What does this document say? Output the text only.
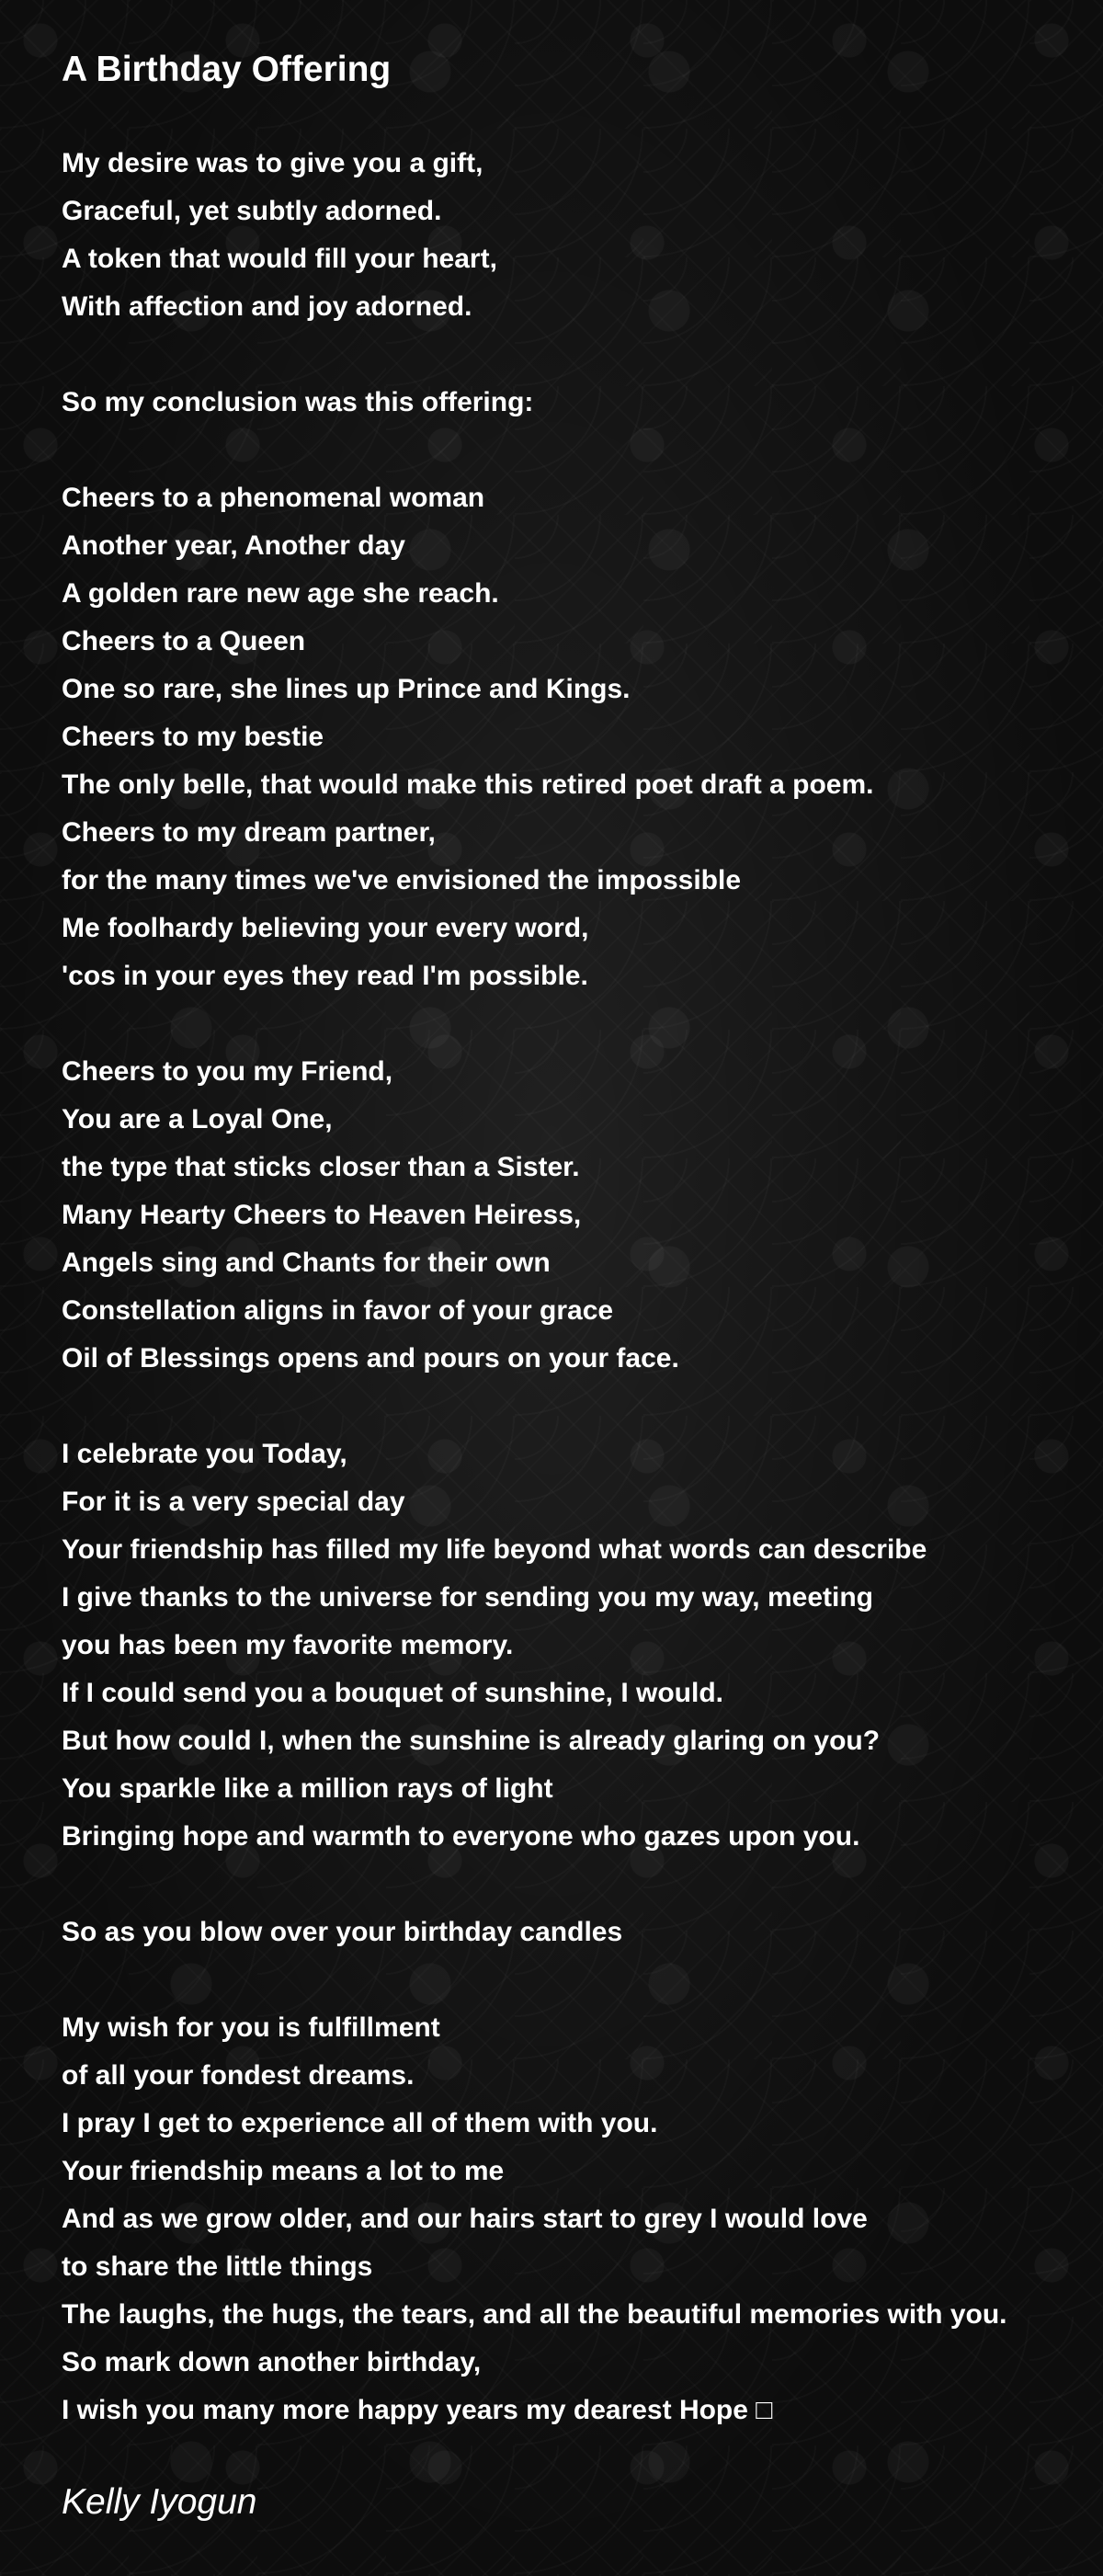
A Birthday Offering
My desire was to give you a gift,
Graceful, yet subtly adorned.
A token that would fill your heart,
With affection and joy adorned.
So my conclusion was this offering:
Cheers to a phenomenal woman
Another year, Another day
A golden rare new age she reach.
Cheers to a Queen
One so rare, she lines up Prince and Kings.
Cheers to my bestie
The only belle, that would make this retired poet draft a poem.
Cheers to my dream partner,
for the many times we've envisioned the impossible
Me foolhardy believing your every word,
'cos in your eyes they read I'm possible.
Cheers to you my Friend,
You are a Loyal One,
the type that sticks closer than a Sister.
Many Hearty Cheers to Heaven Heiress,
Angels sing and Chants for their own
Constellation aligns in favor of your grace
Oil of Blessings opens and pours on your face.
I celebrate you Today,
For it is a very special day
Your friendship has filled my life beyond what words can describe
I give thanks to the universe for sending you my way, meeting
you has been my favorite memory.
If I could send you a bouquet of sunshine, I would.
But how could I, when the sunshine is already glaring on you?
You sparkle like a million rays of light
Bringing hope and warmth to everyone who gazes upon you.
So as you blow over your birthday candles
My wish for you is fulfillment
of all your fondest dreams.
I pray I get to experience all of them with you.
Your friendship means a lot to me
And as we grow older, and our hairs start to grey I would love
to share the little things
The laughs, the hugs, the tears, and all the beautiful memories with you.
So mark down another birthday,
I wish you many more happy years my dearest Hope □
Kelly Iyogun
